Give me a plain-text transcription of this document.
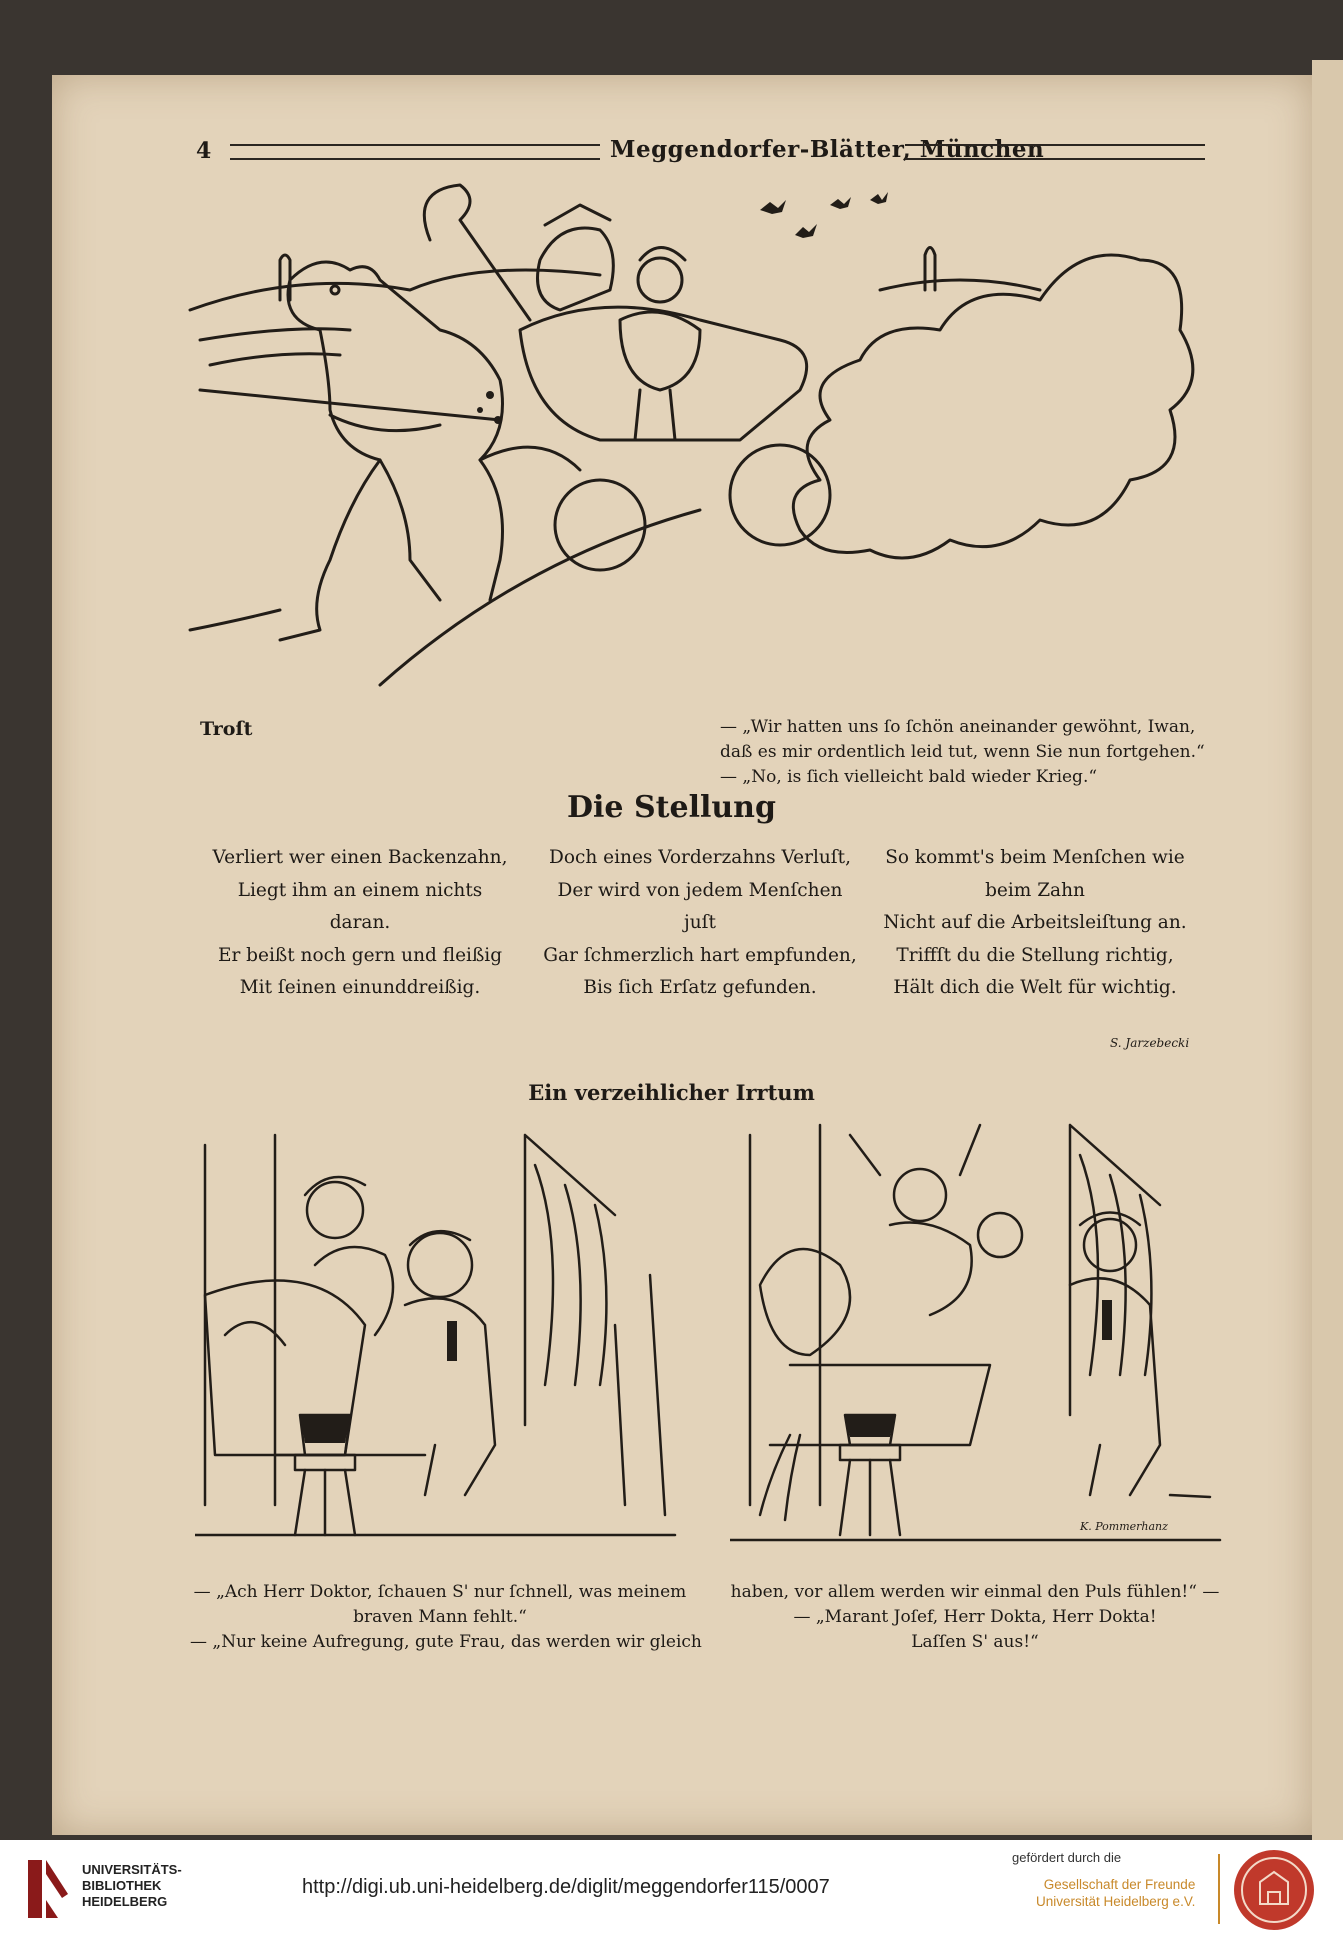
4	Meggendorfer-Blätter, München
Troſt	— „Wir hatten uns ſo ſchön aneinander gewöhnt, Iwan,
daß es mir ordentlich leid tut, wenn Sie nun fortgehen.“
— „No, is ſich vielleicht bald wieder Krieg.“
Die Stellung
Verliert wer einen Backenzahn,
Liegt ihm an einem nichts
daran.
Er beißt noch gern und fleißig
Mit ſeinen einunddreißig.
Doch eines Vorderzahns Verluſt,
Der wird von jedem Menſchen
juſt
Gar ſchmerzlich hart empfunden,
Bis ſich Erſatz gefunden.
So kommt's beim Menſchen wie
beim Zahn
Nicht auf die Arbeitsleiſtung an.
Triffſt du die Stellung richtig,
Hält dich die Welt für wichtig.
S. Jarzebecki
Ein verzeihlicher Irrtum
K. Pommerhanz
— „Ach Herr Doktor, ſchauen S' nur ſchnell, was meinem
braven Mann fehlt.“
— „Nur keine Aufregung, gute Frau, das werden wir gleich
haben, vor allem werden wir einmal den Puls fühlen!“ —
— „Marant Joſef, Herr Dokta, Herr Dokta!
Laſſen S' aus!“
UNIVERSITÄTS-
BIBLIOTHEK
HEIDELBERG
http://digi.ub.uni-heidelberg.de/diglit/meggendorfer115/0007
gefördert durch die
Gesellschaft der Freunde
Universität Heidelberg e.V.
